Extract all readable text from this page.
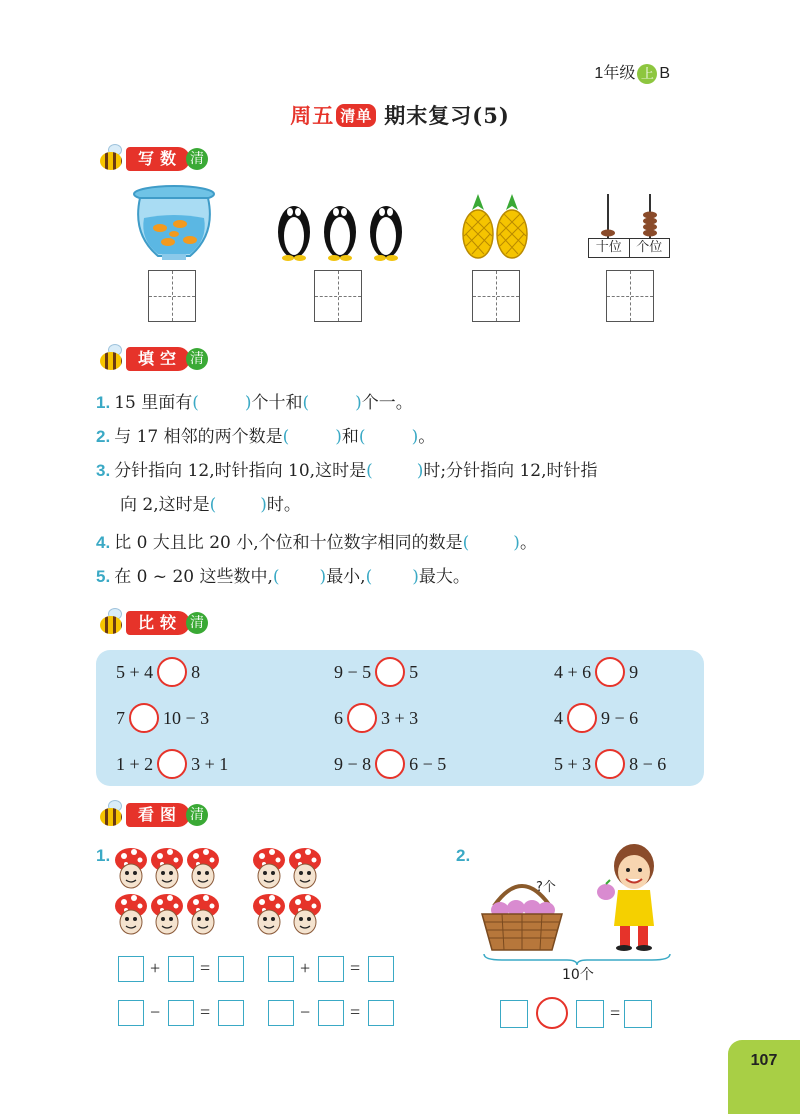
1年级 上 B
周五 清单 期末复习(5)
写数 清
十位	个位
填空 清
1. 15 里面有(	)个十和(	)个一。
2. 与 17 相邻的两个数是(	)和(	)。
3. 分针指向 12,时针指向 10,这时是(	)时;分针指向 12,时针指
向 2,这时是(	)时。
4. 比 0 大且比 20 小,个位和十位数字相同的数是(	)。
5. 在 0 ~ 20 这些数中,( )最小,( )最大。
比较 清
5 + 4 8	9 − 5 5	4 + 6 9
7 10 − 3	6 3 + 3	4 9 − 6
1 + 2 3 + 1	9 − 8 6 − 5	5 + 3 8 − 6
看图 清
1.	2.
+ =	+ =
− =	− =
?个
10个
=
107
